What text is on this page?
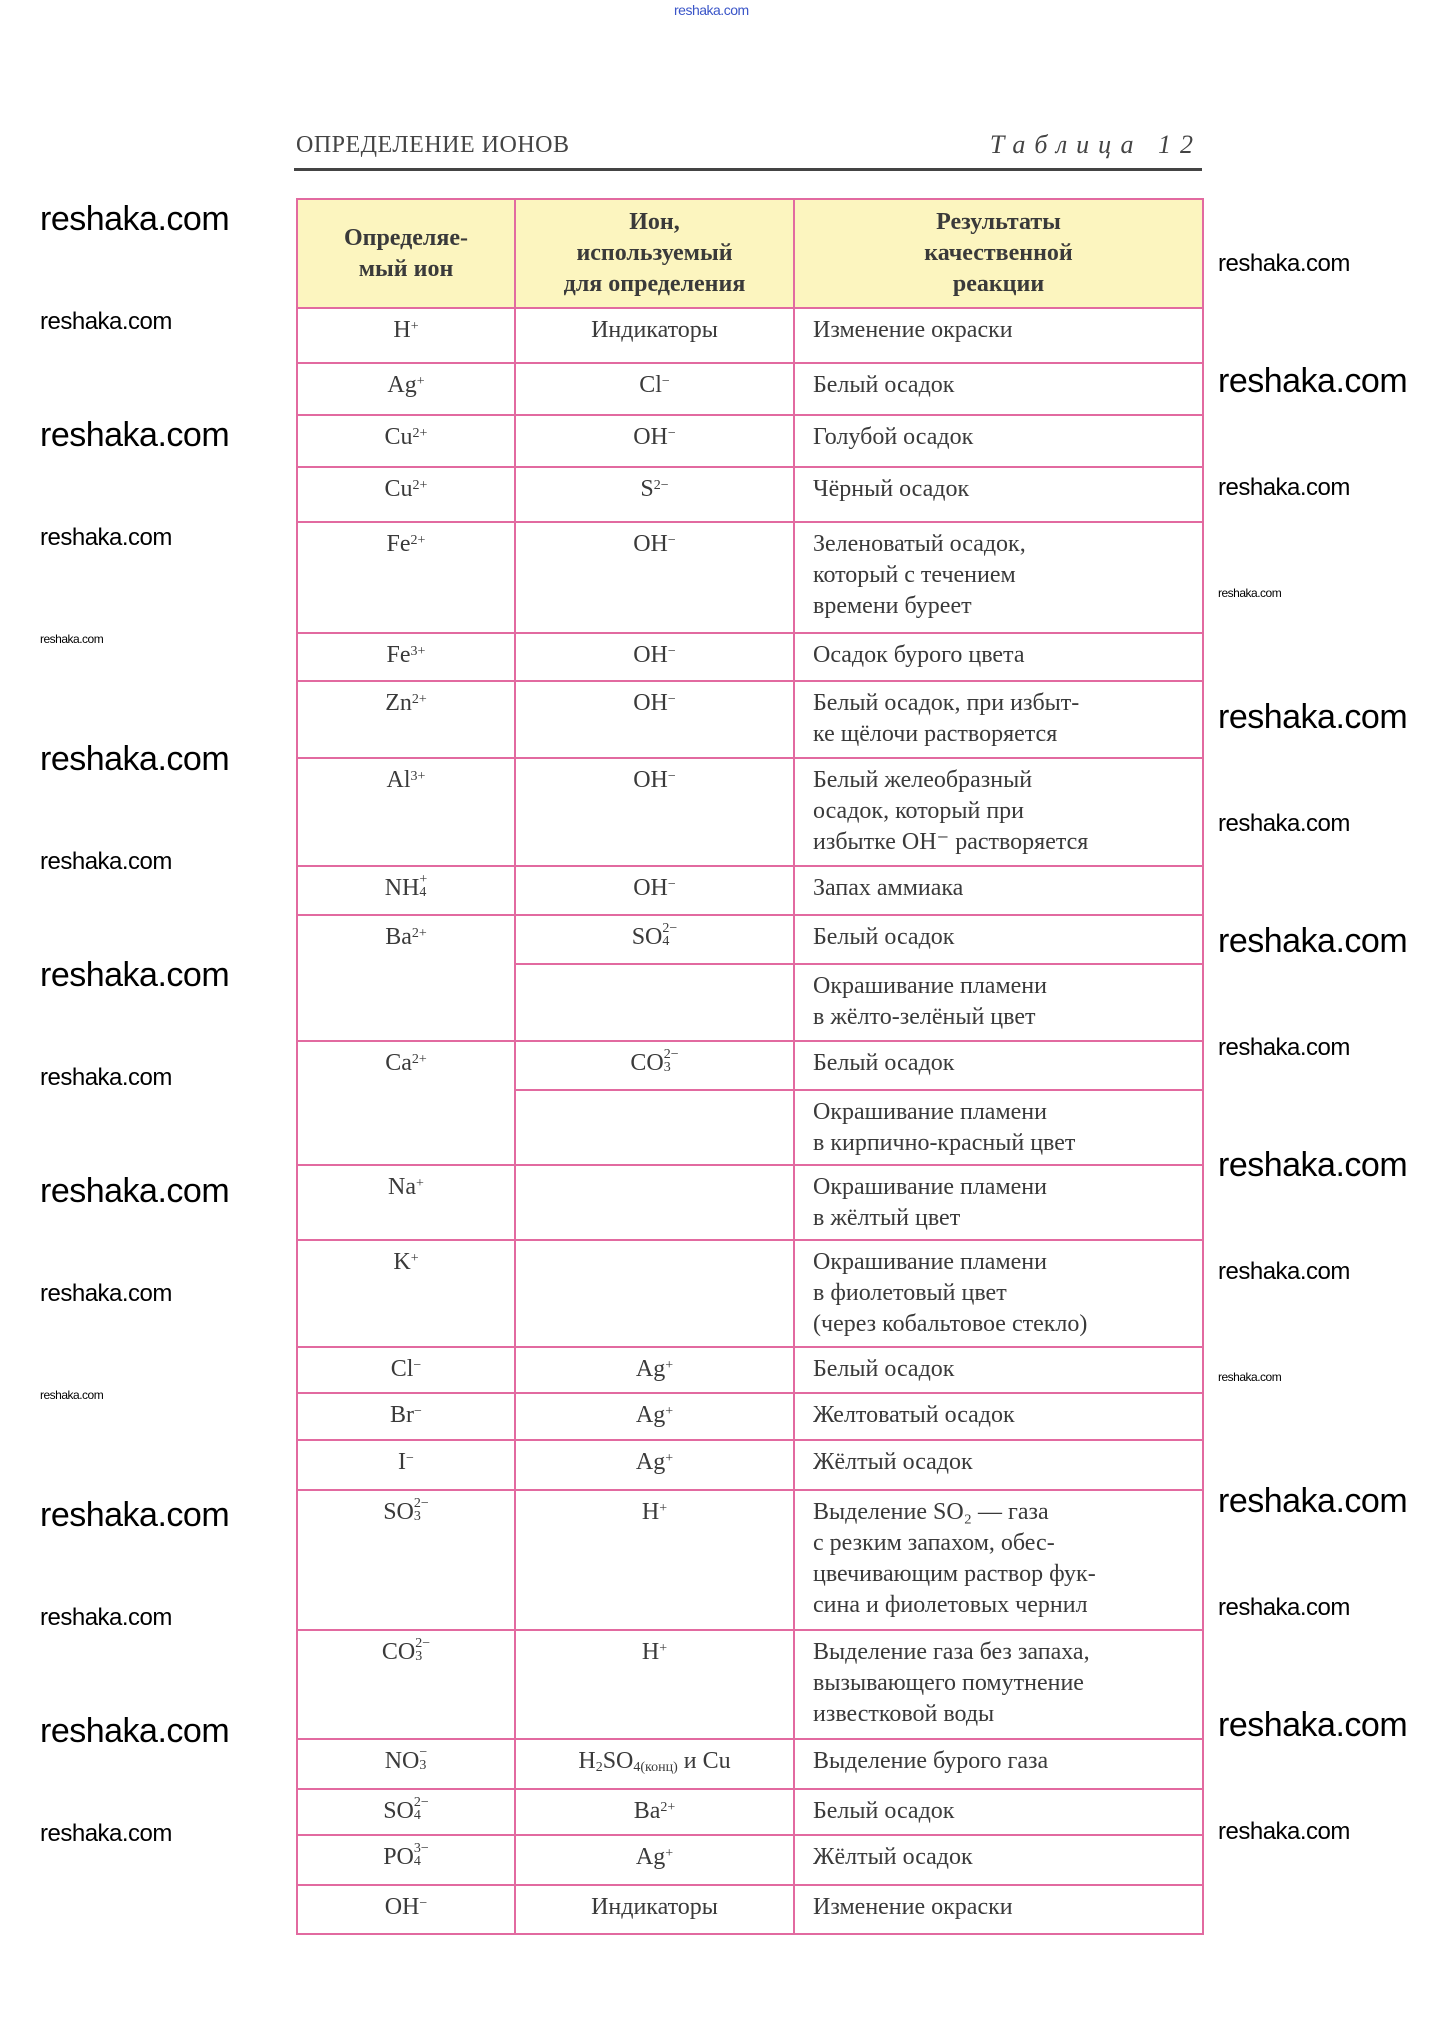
reshaka.com
ОПРЕДЕЛЕНИЕ ИОНОВ	Таблица 12
Определяе-
мый ион	Ион,
используемый
для определения	Результаты
качественной
реакции
H+	Индикаторы	Изменение окраски
Ag+	Cl−	Белый осадок
$Cu^{2+}$	OH−	Голубой осадок
$Cu^{2+}$	$S^{2-}$	Чёрный осадок
$Fe^{2+}$	OH−	Зеленоватый осадок,
который с течением
времени буреет
$Fe^{3+}$	OH−	Осадок бурого цвета
$Zn^{2+}$	OH−	Белый осадок, при избыт-
ке щёлочи растворяется
$Al^{3+}$	OH−	Белый желеобразный
осадок, который при
избытке OH⁻ растворяется
NH +
4	OH−	Запах аммиака
$Ba^{2+}$	SO 2−
4	Белый осадок
		Окрашивание пламени
в жёлто-зелёный цвет
$Ca^{2+}$	CO 2−
3	Белый осадок
		Окрашивание пламени
в кирпично-красный цвет
Na+		Окрашивание пламени
в жёлтый цвет
K+		Окрашивание пламени
в фиолетовый цвет
(через кобальтовое стекло)
Cl−	Ag+	Белый осадок
Br−	Ag+	Желтоватый осадок
I−	Ag+	Жёлтый осадок
SO 2−
3	H+	Выделение SO₂ — газа
с резким запахом, обес-
цвечивающим раствор фук-
сина и фиолетовых чернил
CO 2−
3	H+	Выделение газа без запаха,
вызывающего помутнение
известковой воды
NO −
3	$H_2SO_{4(конц)}$ и Cu	Выделение бурого газа
SO 2−
4	$Ba^{2+}$	Белый осадок
PO 3−
4	Ag+	Жёлтый осадок
OH−	Индикаторы	Изменение окраски
reshaka.com
reshaka.com
reshaka.com
reshaka.com
reshaka.com
reshaka.com
reshaka.com
reshaka.com
reshaka.com
reshaka.com
reshaka.com
reshaka.com
reshaka.com
reshaka.com
reshaka.com
reshaka.com
reshaka.com
reshaka.com
reshaka.com
reshaka.com
reshaka.com
reshaka.com
reshaka.com
reshaka.com
reshaka.com
reshaka.com
reshaka.com
reshaka.com
reshaka.com
reshaka.com
reshaka.com
